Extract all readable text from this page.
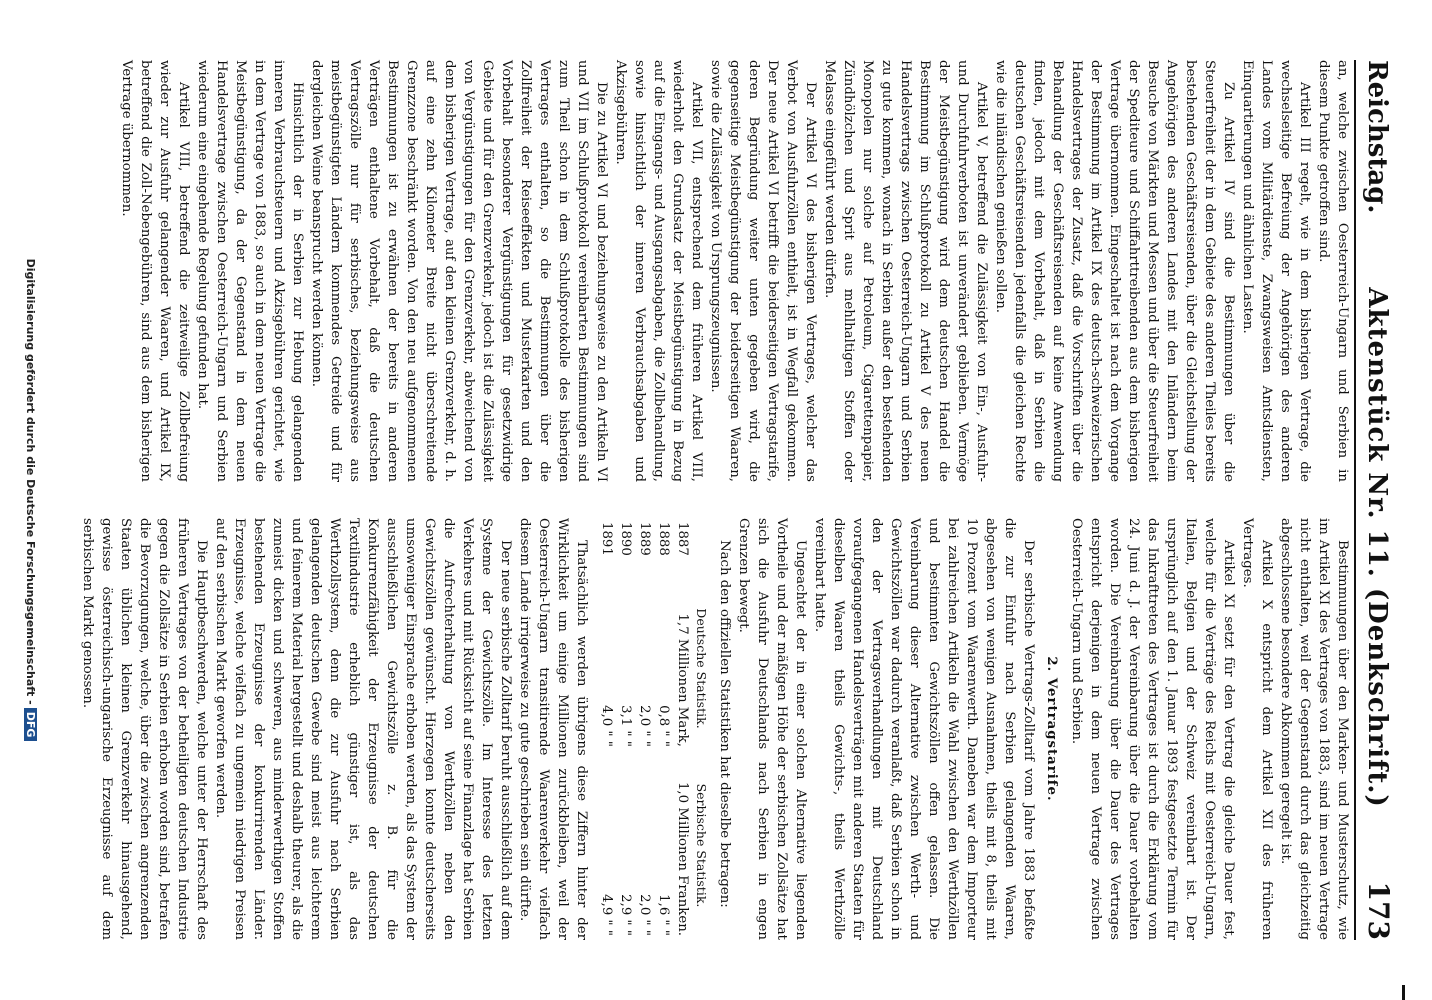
Reichstag.
Aktenstück Nr. 11. (Denkschrift.)
173

an, welche zwischen Oesterreich-Ungarn und Serbien in diesem Punkte getroffen sind.

Artikel III regelt, wie in dem bisherigen Vertrage, die wechselseitige Befreiung der Angehörigen des anderen Landes vom Militärdienste, Zwangsweisen Amtsdiensten, Einquartierungen und ähnlichen Lasten.

Zu Artikel IV sind die Bestimmungen über die Steuerfreiheit der in dem Gebiete des anderen Theiles bereits bestehenden Geschäftsreisenden, über die Gleichstellung der Angehörigen des anderen Landes mit den Inländern beim Besuche von Märkten und Messen und über die Steuerfreiheit der Spediteure und Schiffahrttreibenden aus dem bisherigen Vertrage übernommen. Eingeschaltet ist nach dem Vorgange der Bestimmung im Artikel IX des deutsch-schweizerischen Handelsvertrages der Zusatz, daß die Vorschriften über die Behandlung der Geschäftsreisenden auf keine Anwendung finden, jedoch mit dem Vorbehalt, daß in Serbien die deutschen Geschäftsreisenden jedenfalls die gleichen Rechte wie die inländischen genießen sollen.

Artikel V, betreffend die Zulässigkeit von Ein-, Ausfuhr- und Durchfuhrverboten ist unverändert geblieben. Vermöge der Meistbegünstigung wird dem deutschen Handel die Bestimmung im Schlußprotokoll zu Artikel V des neuen Handelsvertrags zwischen Oesterreich-Ungarn und Serbien zu gute kommen, wonach in Serbien außer den bestehenden Monopolen nur solche auf Petroleum, Cigarettenpapier, Zündhölzchen und Sprit aus mehlhaltigen Stoffen oder Melasse eingeführt werden dürfen.

Der Artikel VI des bisherigen Vertrages, welcher das Verbot von Ausfuhrzöllen enthielt, ist in Wegfall gekommen. Der neue Artikel VI betrifft die beiderseitigen Vertragstarife, deren Begründung weiter unten gegeben wird, die gegenseitige Meistbegünstigung der beiderseitigen Waaren, sowie die Zulässigkeit von Ursprungszeugnissen.

Artikel VII, entsprechend dem früheren Artikel VIII, wiederholt den Grundsatz der Meistbegünstigung in Bezug auf die Eingangs- und Ausgangsabgaben, die Zollbehandlung, sowie hinsichtlich der inneren Verbrauchsabgaben und Akzisgebühren.

Die zu Artikel VI und beziehungsweise zu den Artikeln VI und VII im Schlußprotokoll vereinbarten Bestimmungen sind zum Theil schon in dem Schlußprotokolle des bisherigen Vertrages enthalten, so die Bestimmungen über die Zollfreiheit der Reiseeffekten und Musterkarten und den Vorbehalt besonderer Vergünstigungen für gesetzwidrige Gebiete und für den Grenzverkehr, jedoch ist die Zulässigkeit von Vergünstigungen für den Grenzverkehr, abweichend von dem bisherigen Vertrage, auf den kleinen Grenzverkehr, d. h. auf eine zehn Kilometer Breite nicht überschreitende Grenzzone beschränkt worden. Von den neu aufgenommenen Bestimmungen ist zu erwähnen der bereits in anderen Verträgen enthaltene Vorbehalt, daß die deutschen Vertragszölle nur für serbisches, beziehungsweise aus meistbegünstigten Ländern kommendes Getreide und für dergleichen Weine beansprucht werden können.

Hinsichtlich der in Serbien zur Hebung gelangenden inneren Verbrauchsteuern und Akzisgebühren gerichtet, wie in dem Vertrage von 1883, so auch in dem neuen Vertrage die Meistbegünstigung, da der Gegenstand in dem neuen Handelsvertrage zwischen Oesterreich-Ungarn und Serbien wiederum eine eingehende Regelung gefunden hat.

Artikel VIII, betreffend die zeitweilige Zollbefreiung wieder zur Ausfuhr gelangender Waaren, und Artikel IX, betreffend die Zoll-Nebengebühren, sind aus dem bisherigen Vertrage übernommen.

Bestimmungen über den Marken- und Musterschutz, wie im Artikel XI des Vertrages von 1883, sind im neuen Vertrage nicht enthalten, weil der Gegenstand durch das gleichzeitig abgeschlossene besondere Abkommen geregelt ist.

Artikel X entspricht dem Artikel XII des früheren Vertrages.

Artikel XI setzt für den Vertrag die gleiche Dauer fest, welche für die Verträge des Reichs mit Oesterreich-Ungarn, Italien, Belgien und der Schweiz vereinbart ist. Der ursprünglich auf den 1. Januar 1893 festgesetzte Termin für das Inkrafttreten des Vertrages ist durch die Erklärung vom 24. Juni d. J. der Vereinbarung über die Dauer vorbehalten worden. Die Vereinbarung über die Dauer des Vertrages entspricht derjenigen in dem neuen Vertrage zwischen Oesterreich-Ungarn und Serbien.

2. Vertragstarife.

Der serbische Vertrags-Zolltarif vom Jahre 1883 befaßte die zur Einfuhr nach Serbien gelangenden Waaren, abgesehen von wenigen Ausnahmen, theils mit 8, theils mit 10 Prozent vom Waarenwerth. Daneben war dem Importeur bei zahlreichen Artikeln die Wahl zwischen den Werthzöllen und bestimmten Gewichtszöllen offen gelassen. Die Vereinbarung dieser Alternative zwischen Werth- und Gewichtszöllen war dadurch veranlaßt, daß Serbien schon in den der Vertragsverhandlungen mit Deutschland voraufgegangenen Handelsverträgen mit anderen Staaten für dieselben Waaren theils Gewichts-, theils Werthzölle vereinbart hatte.

Ungeachtet der in einer solchen Alternative liegenden Vortheile und der mäßigen Höhe der serbischen Zollsätze hat sich die Ausfuhr Deutschlands nach Serbien in engen Grenzen bewegt.

Nach den offiziellen Statistiken hat dieselbe betragen:
	Deutsche Statistik.	Serbische Statistik.
1887	1,7 Millionen Mark,	1,0 Millionen Franken.
1888	0,8 " "	1,6 " "
1889	2,0 " "	2,0 " "
1890	3,1 " "	2,9 " "
1891	4,0 " "	4,9 " "

Thatsächlich werden übrigens diese Ziffern hinter der Wirklichkeit um einige Millionen zurückbleiben, weil der Oesterreich-Ungarn transitirende Waarenverkehr vielfach diesem Lande irrigerweise zu gute geschrieben sein dürfte.

Der neue serbische Zolltarif beruht ausschließlich auf dem Systeme der Gewichtszölle. Im Interesse des letzten Verkehres und mit Rücksicht auf seine Finanzlage hat Serbien die Aufrechterhaltung von Werthzöllen neben den Gewichtszöllen gewünscht. Hierzegen konnte deutscherseits umsoweniger Einsprache erhoben werden, als das System der ausschließlichen Gewichtszölle z. B. für die Konkurrenzfähigkeit der Erzeugnisse der deutschen Textilindustrie erheblich günstiger ist, als das Werthzollsystem, denn die zur Ausfuhr nach Serbien gelangenden deutschen Gewebe sind meist aus leichterem und feinerem Material hergestellt und deshalb theurer, als die zumeist dicken und schweren, aus minderwerthigen Stoffen bestehenden Erzeugnisse der konkurrirenden Länder. Erzeugnisse, welche vielfach zu ungemein niedrigen Preisen auf den serbischen Markt geworfen werden.

Die Hauptbeschwerden, welche unter der Herrschaft des früheren Vertrages von der betheiligten deutschen Industrie gegen die Zollsätze in Serbien erhoben worden sind, betrafen die Bevorzugungen, welche, über die zwischen angrenzenden Staaten üblichen kleinen Grenzverkehr hinausgehend, gewisse österreichisch-ungarische Erzeugnisse auf dem serbischen Markt genossen.

Digitalisierung gefördert durch die Deutsche Forschungsgemeinschaft -DFG
